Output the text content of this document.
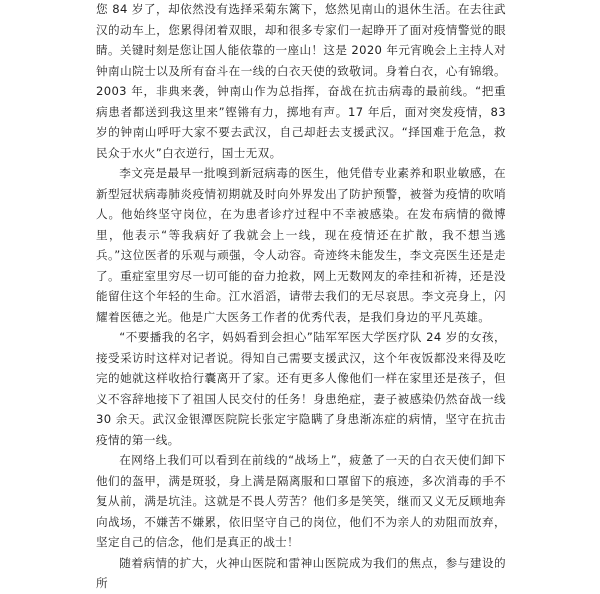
您 84 岁了，却依然没有选择采菊东篱下，悠然见南山的退休生活。在去往武汉的动车上，您累得闭着双眼，却和很多专家们一起睁开了面对疫情警觉的眼睛。关键时刻是您让国人能依靠的一座山！这是 2020 年元宵晚会上主持人对钟南山院士以及所有奋斗在一线的白衣天使的致敬词。身着白衣，心有锦缎。2003 年，非典来袭，钟南山作为总指挥，奋战在抗击病毒的最前线。“把重病患者都送到我这里来”铿锵有力，掷地有声。17 年后，面对突发疫情，83 岁的钟南山呼吁大家不要去武汉，自己却赶去支援武汉。“择国难于危急，救民众于水火”白衣逆行，国士无双。

李文亮是最早一批嗅到新冠病毒的医生，他凭借专业素养和职业敏感，在新型冠状病毒肺炎疫情初期就及时向外界发出了防护预警，被誉为疫情的吹哨人。他始终坚守岗位，在为患者诊疗过程中不幸被感染。在发布病情的微博里，他表示“等我病好了我就会上一线，现在疫情还在扩散，我不想当逃兵。”这位医者的乐观与顽强，令人动容。奇迹终未能发生，李文亮医生还是走了。重症室里穷尽一切可能的奋力抢救，网上无数网友的牵挂和祈祷，还是没能留住这个年轻的生命。江水滔滔，请带去我们的无尽哀思。李文亮身上，闪耀着医德之光。他是广大医务工作者的优秀代表，是我们身边的平凡英雄。

“不要播我的名字，妈妈看到会担心”陆军军医大学医疗队 24 岁的女孩，接受采访时这样对记者说。得知自己需要支援武汉，这个年夜饭都没来得及吃完的她就这样收拾行囊离开了家。还有更多人像他们一样在家里还是孩子，但义不容辞地接下了祖国人民交付的任务！身患绝症，妻子被感染仍然奋战一线 30 余天。武汉金银潭医院院长张定宇隐瞒了身患渐冻症的病情，坚守在抗击疫情的第一线。

在网络上我们可以看到在前线的“战场上”，疲惫了一天的白衣天使们卸下他们的盔甲，满是斑驳，身上满是隔离服和口罩留下的痕迹，多次消毒的手不复从前，满是坑洼。这就是不畏人劳苦？他们多是笑笑，继而又义无反顾地奔向战场，不嫌苦不嫌累，依旧坚守自己的岗位，他们不为亲人的劝阻而放弃，坚定自己的信念，他们是真正的战士！

随着病情的扩大，火神山医院和雷神山医院成为我们的焦点，参与建设的所
